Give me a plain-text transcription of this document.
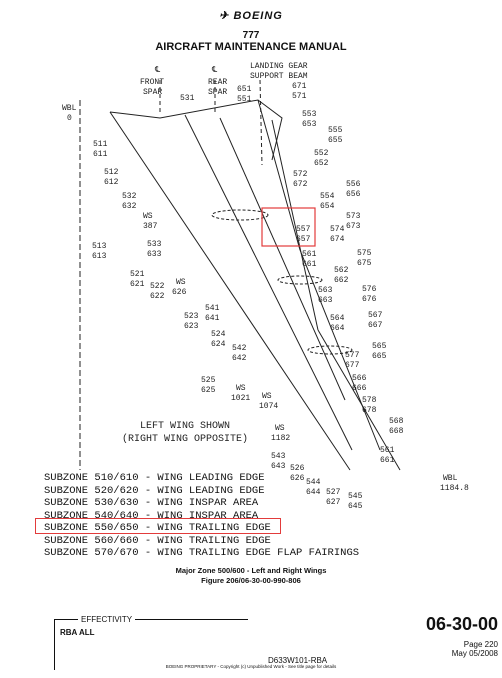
✈ BOEING
777
AIRCRAFT MAINTENANCE MANUAL
℄
FRONT
SPAR
℄
REAR
SPAR
LANDING GEAR
SUPPORT BEAM
WBL
0
WBL
1184.8
531
651
551
671
571
553
653
555
655
511
611	552
652
572
672	556
656
512
612
554
654
532
632
573
673
WS
387	557
657
574
674
513
613
533
633	575
675
561
661
521
621
562
662
WS
626	563
663
576
676
522
622
541
641	564
664
567
667
523
623
524
624	565
665
542
642	577
677
566
666
525
625	WS
1021 WS
1074
578
678
568
668
WS
1182
543
643 526
626 544
644 527
627
545
645
561
661
LEFT WING SHOWN
(RIGHT WING OPPOSITE)
SUBZONE 510/610 - WING LEADING EDGE
SUBZONE 520/620 - WING LEADING EDGE
SUBZONE 530/630 - WING INSPAR AREA
SUBZONE 540/640 - WING INSPAR AREA
SUBZONE 550/650 - WING TRAILING EDGE
SUBZONE 560/660 - WING TRAILING EDGE
SUBZONE 570/670 - WING TRAILING EDGE FLAP FAIRINGS
Major Zone 500/600 - Left and Right Wings
Figure 206/06-30-00-990-806
EFFECTIVITY
RBA ALL	06-30-00
Page 220
May 05/2008
D633W101-RBA
BOEING PROPRIETARY - Copyright (c) Unpublished Work - See title page for details
